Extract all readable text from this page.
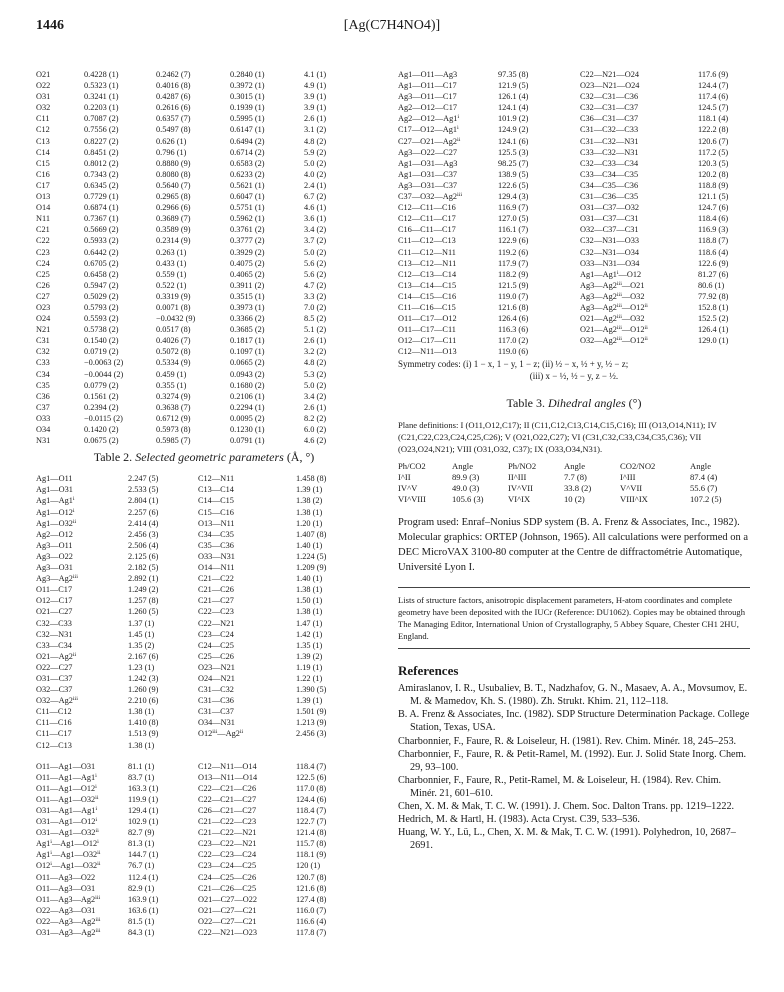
1446	[Ag(C7H4NO4)]
O21	0.4228 (1)	0.2462 (7)	0.2840 (1)	4.1 (1)
O22	0.5323 (1)	0.4016 (8)	0.3972 (1)	4.9 (1)
O31	0.3241 (1)	0.4287 (6)	0.3015 (1)	3.9 (1)
O32	0.2203 (1)	0.2616 (6)	0.1939 (1)	3.9 (1)
C11	0.7087 (2)	0.6357 (7)	0.5995 (1)	2.6 (1)
C12	0.7556 (2)	0.5497 (8)	0.6147 (1)	3.1 (2)
C13	0.8227 (2)	0.626 (1)	0.6494 (2)	4.8 (2)
C14	0.8451 (2)	0.796 (1)	0.6714 (2)	5.9 (2)
C15	0.8012 (2)	0.8880 (9)	0.6583 (2)	5.0 (2)
C16	0.7343 (2)	0.8080 (8)	0.6233 (2)	4.0 (2)
C17	0.6345 (2)	0.5640 (7)	0.5621 (1)	2.4 (1)
O13	0.7729 (1)	0.2965 (8)	0.6047 (1)	6.7 (2)
O14	0.6874 (1)	0.2966 (6)	0.5751 (1)	4.6 (1)
N11	0.7367 (1)	0.3689 (7)	0.5962 (1)	3.6 (1)
C21	0.5669 (2)	0.3589 (9)	0.3761 (2)	3.4 (2)
C22	0.5933 (2)	0.2314 (9)	0.3777 (2)	3.7 (2)
C23	0.6442 (2)	0.263 (1)	0.3929 (2)	5.0 (2)
C24	0.6705 (2)	0.433 (1)	0.4075 (2)	5.6 (2)
C25	0.6458 (2)	0.559 (1)	0.4065 (2)	5.6 (2)
C26	0.5947 (2)	0.522 (1)	0.3911 (2)	4.7 (2)
C27	0.5029 (2)	0.3319 (9)	0.3515 (1)	3.3 (2)
O23	0.5793 (2)	0.0071 (8)	0.3973 (1)	7.0 (2)
O24	0.5593 (2)	−0.0432 (9)	0.3366 (2)	8.5 (2)
N21	0.5738 (2)	0.0517 (8)	0.3685 (2)	5.1 (2)
C31	0.1540 (2)	0.4026 (7)	0.1817 (1)	2.6 (1)
C32	0.0719 (2)	0.5072 (8)	0.1097 (1)	3.2 (2)
C33	−0.0063 (2)	0.5334 (9)	0.0665 (2)	4.8 (2)
C34	−0.0044 (2)	0.459 (1)	0.0943 (2)	5.3 (2)
C35	0.0779 (2)	0.355 (1)	0.1680 (2)	5.0 (2)
C36	0.1561 (2)	0.3274 (9)	0.2106 (1)	3.4 (2)
C37	0.2394 (2)	0.3638 (7)	0.2294 (1)	2.6 (1)
O33	−0.0115 (2)	0.6712 (9)	0.0095 (2)	8.2 (2)
O34	0.1420 (2)	0.5973 (8)	0.1230 (1)	6.0 (2)
N31	0.0675 (2)	0.5985 (7)	0.0791 (1)	4.6 (2)
Table 2. Selected geometric parameters (Å, °)
Ag1—O11	2.247 (5)	C12—N11	1.458 (8)
Ag1—O31	2.533 (5)	C13—C14	1.39 (1)
Ag1—Ag1ⁱ	2.804 (1)	C14—C15	1.38 (2)
Ag1—O12ⁱ	2.257 (6)	C15—C16	1.38 (1)
Ag1—O32ⁱⁱ	2.414 (4)	O13—N11	1.20 (1)
Ag2—O12	2.456 (3)	C34—C35	1.407 (8)
Ag3—O11	2.506 (4)	C35—C36	1.40 (1)
Ag3—O22	2.125 (6)	O33—N31	1.224 (5)
Ag3—O31	2.182 (5)	O14—N11	1.209 (9)
Ag3—Ag2ⁱⁱⁱ	2.892 (1)	C21—C22	1.40 (1)
O11—C17	1.249 (2)	C21—C26	1.38 (1)
O12—C17	1.257 (8)	C21—C27	1.50 (1)
O21—C27	1.260 (5)	C22—C23	1.38 (1)
C32—C33	1.37 (1)	C22—N21	1.47 (1)
C32—N31	1.45 (1)	C23—C24	1.42 (1)
C33—C34	1.35 (2)	C24—C25	1.35 (1)
O21—Ag2ⁱⁱ	2.167 (6)	C25—C26	1.39 (2)
O22—C27	1.23 (1)	O23—N21	1.19 (1)
O31—C37	1.242 (3)	O24—N21	1.22 (1)
O32—C37	1.260 (9)	C31—C32	1.390 (5)
O32—Ag2ⁱⁱⁱ	2.210 (6)	C31—C36	1.39 (1)
C11—C12	1.38 (1)	C31—C37	1.501 (9)
C11—C16	1.410 (8)	O34—N31	1.213 (9)
C11—C17	1.513 (9)	O12ⁱⁱⁱ—Ag2ⁱⁱ	2.456 (3)
C12—C13	1.38 (1)		
O11—Ag1—O31	81.1 (1)	C12—N11—O14	118.4 (7)
O11—Ag1—Ag1ⁱ	83.7 (1)	O13—N11—O14	122.5 (6)
O11—Ag1—O12ⁱ	163.3 (1)	C22—C21—C26	117.0 (8)
O11—Ag1—O32ⁱⁱ	119.9 (1)	C22—C21—C27	124.4 (6)
O31—Ag1—Ag1ⁱ	129.4 (1)	C26—C21—C27	118.4 (7)
O31—Ag1—O12ⁱ	102.9 (1)	C21—C22—C23	122.7 (7)
O31—Ag1—O32ⁱⁱ	82.7 (9)	C21—C22—N21	121.4 (8)
Ag1ⁱ—Ag1—O12ⁱ	81.3 (1)	C23—C22—N21	115.7 (8)
Ag1ⁱ—Ag1—O32ⁱⁱ	144.7 (1)	C22—C23—C24	118.1 (9)
O12ⁱ—Ag1—O32ⁱⁱ	76.7 (1)	C23—C24—C25	120 (1)
O11—Ag3—O22	112.4 (1)	C24—C25—C26	120.7 (8)
O11—Ag3—O31	82.9 (1)	C21—C26—C25	121.6 (8)
O11—Ag3—Ag2ⁱⁱⁱ	163.9 (1)	O21—C27—O22	127.4 (8)
O22—Ag3—O31	163.6 (1)	O21—C27—C21	116.0 (7)
O22—Ag3—Ag2ⁱⁱⁱ	81.5 (1)	O22—C27—C21	116.6 (4)
O31—Ag3—Ag2ⁱⁱⁱ	84.3 (1)	C22—N21—O23	117.8 (7)
Ag1—O11—Ag3	97.35 (8)	C22—N21—O24	117.6 (9)
Ag1—O11—C17	121.9 (5)	O23—N21—O24	124.4 (7)
Ag3—O11—C17	126.1 (4)	C32—C31—C36	117.4 (6)
Ag2—O12—C17	124.1 (4)	C32—C31—C37	124.5 (7)
Ag2—O12—Ag1ⁱ	101.9 (2)	C36—C31—C37	118.1 (4)
C17—O12—Ag1ⁱ	124.9 (2)	C31—C32—C33	122.2 (8)
C27—O21—Ag2ⁱⁱ	124.1 (6)	C31—C32—N31	120.6 (7)
Ag3—O22—C27	125.5 (3)	C33—C32—N31	117.2 (5)
Ag1—O31—Ag3	98.25 (7)	C32—C33—C34	120.3 (5)
Ag1—O31—C37	138.9 (5)	C33—C34—C35	120.2 (8)
Ag3—O31—C37	122.6 (5)	C34—C35—C36	118.8 (9)
C37—O32—Ag2ⁱⁱⁱ	129.4 (3)	C31—C36—C35	121.1 (5)
C12—C11—C16	116.9 (7)	O31—C37—O32	124.7 (6)
C12—C11—C17	127.0 (5)	O31—C37—C31	118.4 (6)
C16—C11—C17	116.1 (7)	O32—C37—C31	116.9 (3)
C11—C12—C13	122.9 (6)	C32—N31—O33	118.8 (7)
C11—C12—N11	119.2 (6)	C32—N31—O34	118.6 (4)
C13—C12—N11	117.9 (7)	O33—N31—O34	122.6 (9)
C12—C13—C14	118.2 (9)	Ag1—Ag1ⁱ—O12	81.27 (6)
C13—C14—C15	121.5 (9)	Ag3—Ag2ⁱⁱⁱ—O21	80.6 (1)
C14—C15—C16	119.0 (7)	Ag3—Ag2ⁱⁱⁱ—O32	77.92 (8)
C11—C16—C15	121.6 (8)	Ag3—Ag2ⁱⁱⁱ—O12ⁱⁱ	152.8 (1)
O11—C17—O12	126.4 (6)	O21—Ag2ⁱⁱⁱ—O32	152.5 (2)
O11—C17—C11	116.3 (6)	O21—Ag2ⁱⁱⁱ—O12ⁱⁱ	126.4 (1)
O12—C17—C11	117.0 (2)	O32—Ag2ⁱⁱⁱ—O12ⁱⁱ	129.0 (1)
C12—N11—O13	119.0 (6)		
Symmetry codes: (i) 1 − x, 1 − y, 1 − z; (ii) ½ − x, ½ + y, ½ − z;
(iii) x − ½, ½ − y, z − ½.
Table 3. Dihedral angles (°)
Plane definitions: I (O11,O12,C17); II (C11,C12,C13,C14,C15,C16); III (O13,O14,N11); IV (C21,C22,C23,C24,C25,C26); V (O21,O22,C27); VI (C31,C32,C33,C34,C35,C36); VII (O23,O24,N21); VIII (O31,O32, C37); IX (O33,O34,N31).
Ph/CO2	Angle	Ph/NO2	Angle	CO2/NO2	Angle
I^II	89.9 (3)	II^III	7.7 (8)	I^III	87.4 (4)
IV^V	49.0 (3)	IV^VII	33.8 (2)	V^VII	55.6 (7)
VI^VIII	105.6 (3)	VI^IX	10 (2)	VIII^IX	107.2 (5)
Program used: Enraf–Nonius SDP system (B. A. Frenz & Associates, Inc., 1982). Molecular graphics: ORTEP (Johnson, 1965). All calculations were performed on a DEC MicroVAX 3100-80 computer at the Centre de diffractométrie Automatique, Université Lyon I.
Lists of structure factors, anisotropic displacement parameters, H-atom coordinates and complete geometry have been deposited with the IUCr (Reference: DU1062). Copies may be obtained through The Managing Editor, International Union of Crystallography, 5 Abbey Square, Chester CH1 2HU, England.
References
Amiraslanov, I. R., Usubaliev, B. T., Nadzhafov, G. N., Masaev, A. A., Movsumov, E. M. & Mamedov, Kh. S. (1980). Zh. Strukt. Khim. 21, 112–118.
B. A. Frenz & Associates, Inc. (1982). SDP Structure Determination Package. College Station, Texas, USA.
Charbonnier, F., Faure, R. & Loiseleur, H. (1981). Rev. Chim. Minér. 18, 245–253.
Charbonnier, F., Faure, R. & Petit-Ramel, M. (1992). Eur. J. Solid State Inorg. Chem. 29, 93–100.
Charbonnier, F., Faure, R., Petit-Ramel, M. & Loiseleur, H. (1984). Rev. Chim. Minér. 21, 601–610.
Chen, X. M. & Mak, T. C. W. (1991). J. Chem. Soc. Dalton Trans. pp. 1219–1222.
Hedrich, M. & Hartl, H. (1983). Acta Cryst. C39, 533–536.
Huang, W. Y., Lü, L., Chen, X. M. & Mak, T. C. W. (1991). Polyhedron, 10, 2687–2691.
